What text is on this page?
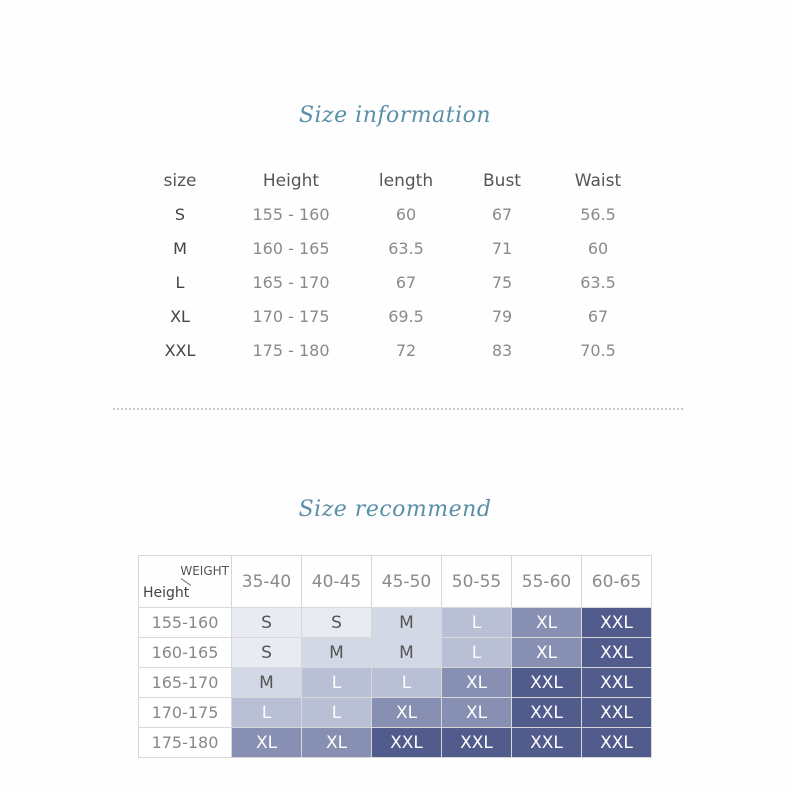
Size information
size	Height	length	Bust	Waist
S	155 - 160	60	67	56.5
M	160 - 165	63.5	71	60
L	165 - 170	67	75	63.5
XL	170 - 175	69.5	79	67
XXL	175 - 180	72	83	70.5
Size recommend
WEIGHT
Height	35-40	40-45	45-50	50-55	55-60	60-65
155-160	S	S	M	L	XL	XXL
160-165	S	M	M	L	XL	XXL
165-170	M	L	L	XL	XXL	XXL
170-175	L	L	XL	XL	XXL	XXL
175-180	XL	XL	XXL	XXL	XXL	XXL
